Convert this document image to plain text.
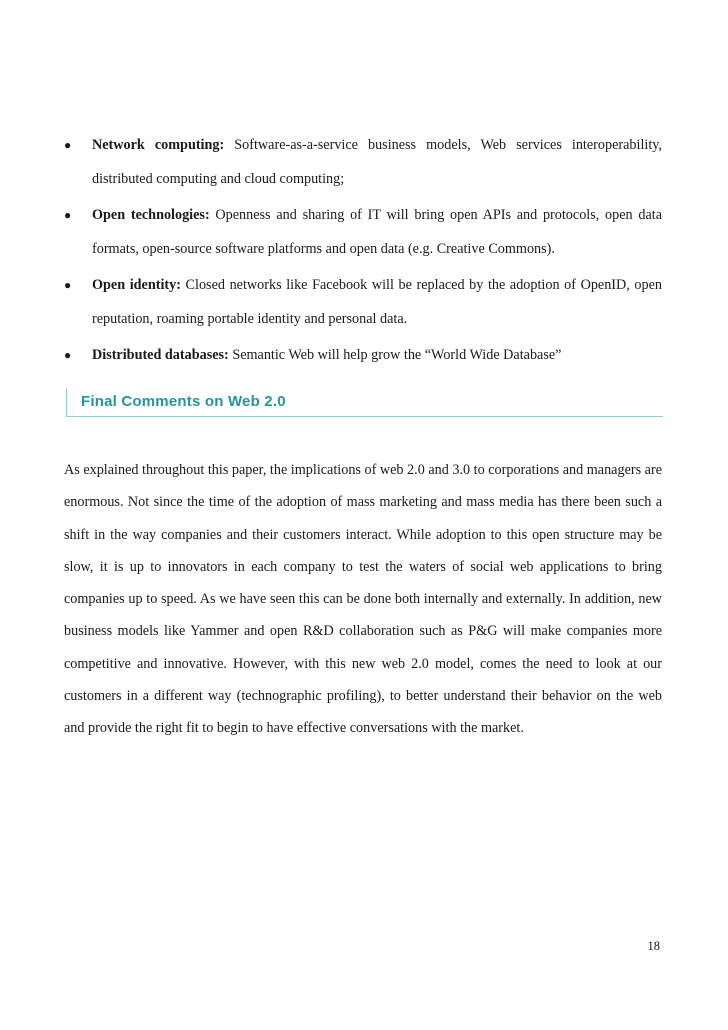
● Network computing: Software-as-a-service business models, Web services interoperability, distributed computing and cloud computing;
● Open technologies: Openness and sharing of IT will bring open APIs and protocols, open data formats, open-source software platforms and open data (e.g. Creative Commons).
● Open identity: Closed networks like Facebook will be replaced by the adoption of OpenID, open reputation, roaming portable identity and personal data.
● Distributed databases: Semantic Web will help grow the “World Wide Database”
Final Comments on Web 2.0

As explained throughout this paper, the implications of web 2.0 and 3.0 to corporations and managers are enormous. Not since the time of the adoption of mass marketing and mass media has there been such a shift in the way companies and their customers interact. While adoption to this open structure may be slow, it is up to innovators in each company to test the waters of social web applications to bring companies up to speed. As we have seen this can be done both internally and externally. In addition, new business models like Yammer and open R&D collaboration such as P&G will make companies more competitive and innovative. However, with this new web 2.0 model, comes the need to look at our customers in a different way (technographic profiling), to better understand their behavior on the web and provide the right fit to begin to have effective conversations with the market.

18
